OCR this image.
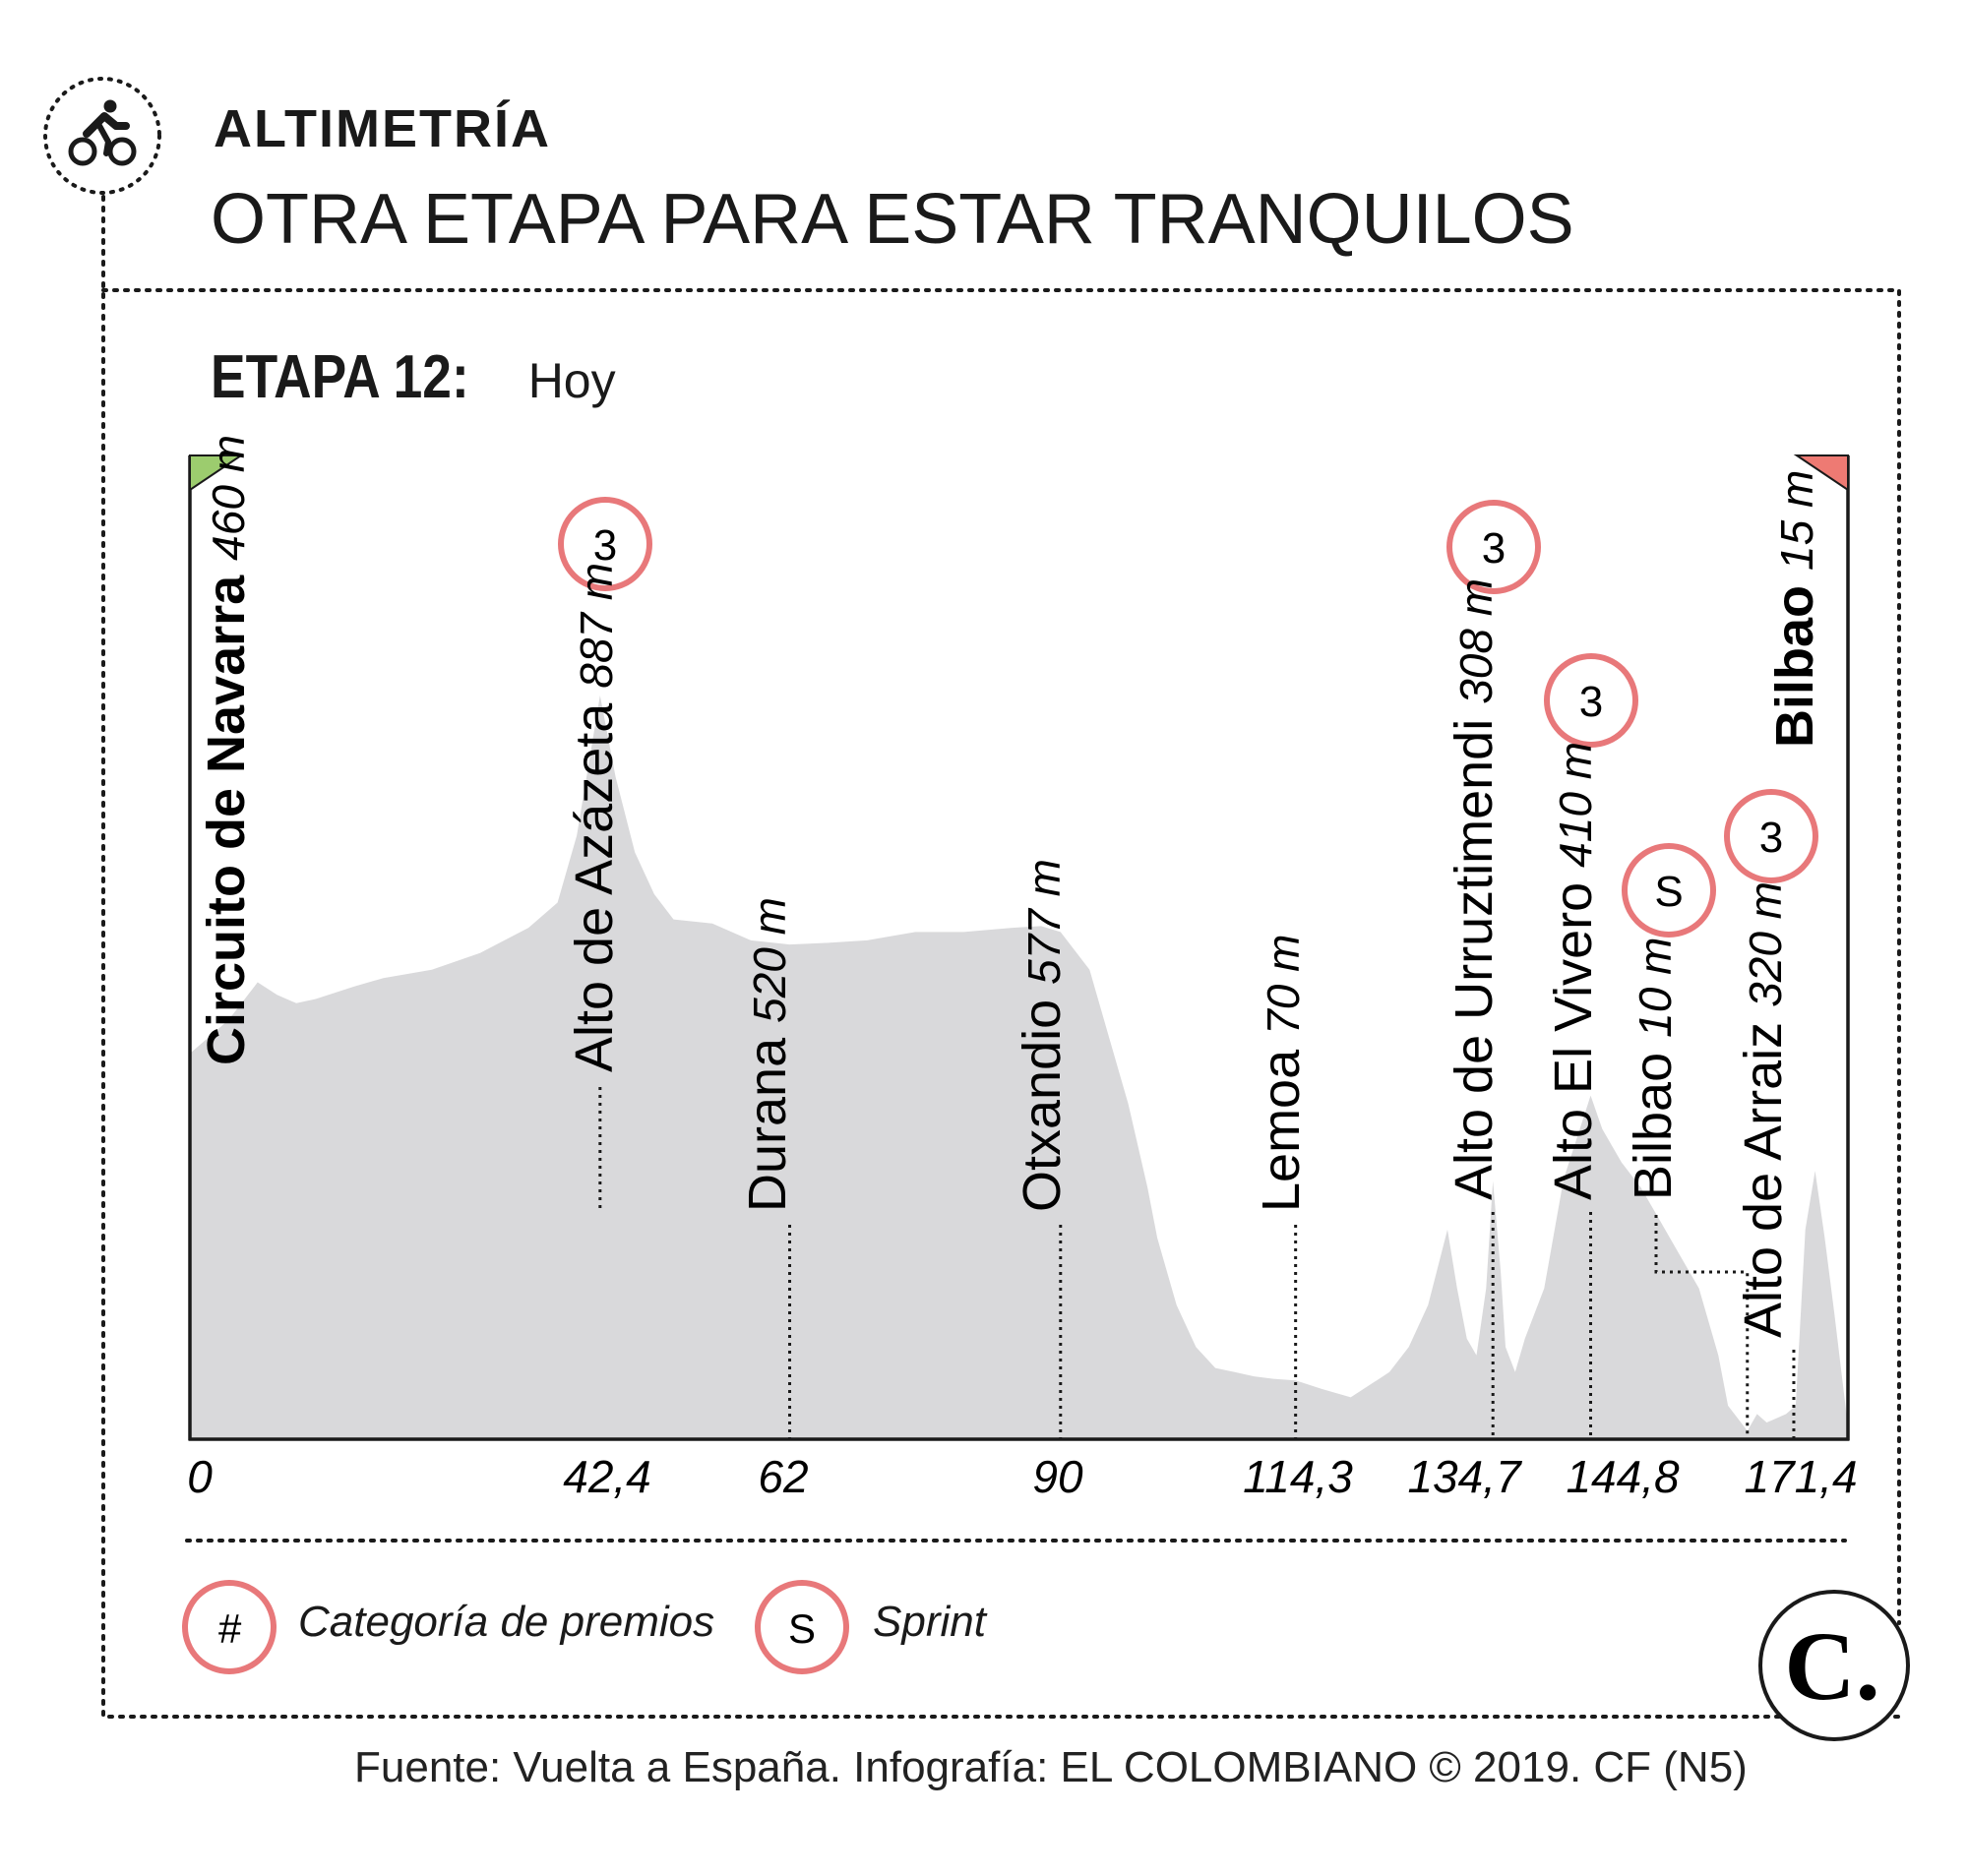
ALTIMETRÍA
OTRA ETAPA PARA ESTAR TRANQUILOS
ETAPA 12: Hoy
3	3
3
S
3
Circuito de Navarra 460 m
Alto de Azázeta 887 m
Durana 520 m
Otxandio 577 m
Lemoa 70 m	Alto de Urruztimendi 308 m
Alto El Vivero 410 m
Bilbao 10 m
Alto de Arraiz 320 m
Bilbao 15 m
0	42,4 62	90	114,3 134,7 144,8 171,4
#	S	C.
Categoría de premios	Sprint
Fuente: Vuelta a España. Infografía: EL COLOMBIANO © 2019. CF (N5)
